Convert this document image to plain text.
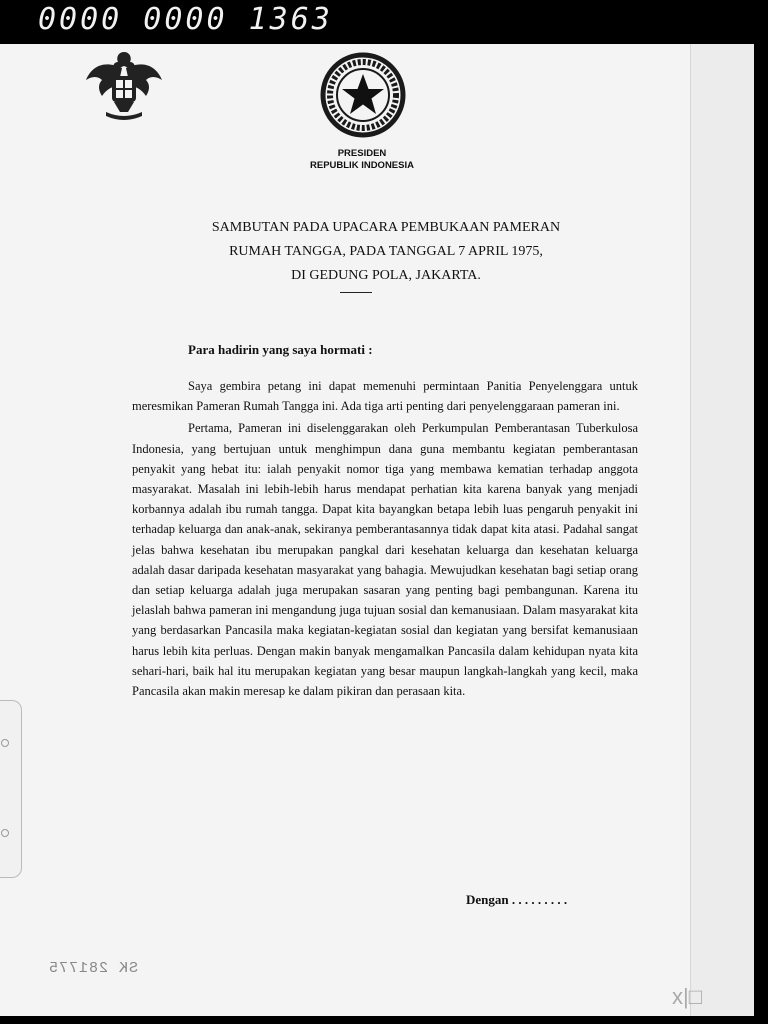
0000 0000 1363
PRESIDEN
REPUBLIK INDONESIA
SAMBUTAN PADA UPACARA PEMBUKAAN PAMERAN
RUMAH TANGGA, PADA TANGGAL 7 APRIL 1975,
DI GEDUNG POLA, JAKARTA.
Para hadirin yang saya hormati :

Saya gembira petang ini dapat memenuhi permintaan Panitia Penyelenggara untuk meresmikan Pameran Rumah Tangga ini. Ada tiga arti penting dari penyelenggaraan pameran ini.

Pertama, Pameran ini diselenggarakan oleh Perkumpulan Pemberantasan Tuberkulosa Indonesia, yang bertujuan untuk menghimpun dana guna membantu kegiatan pemberantasan penyakit yang hebat itu: ialah penyakit nomor tiga yang membawa kematian terhadap anggota masyarakat. Masalah ini lebih-lebih harus mendapat perhatian kita karena banyak yang menjadi korbannya adalah ibu rumah tangga. Dapat kita bayangkan betapa lebih luas pengaruh penyakit ini terhadap keluarga dan anak-anak, sekiranya pemberantasannya tidak dapat kita atasi. Padahal sangat jelas bahwa kesehatan ibu merupakan pangkal dari kesehatan keluarga dan kesehatan keluarga adalah dasar daripada kesehatan masyarakat yang bahagia. Mewujudkan kesehatan bagi setiap orang dan setiap keluarga adalah juga merupakan sasaran yang penting bagi pembangunan. Karena itu jelaslah bahwa pameran ini mengandung juga tujuan sosial dan kemanusiaan. Dalam masyarakat kita yang berdasarkan Pancasila maka kegiatan-kegiatan sosial dan kegiatan yang bersifat kemanusiaan harus lebih kita perluas. Dengan makin banyak mengamalkan Pancasila dalam kehidupan nyata kita sehari-hari, baik hal itu merupakan kegiatan yang besar maupun langkah-langkah yang kecil, maka Pancasila akan makin meresap ke dalam pikiran dan perasaan kita.

Dengan . . . . . . . . .
SK 281775
x|□
